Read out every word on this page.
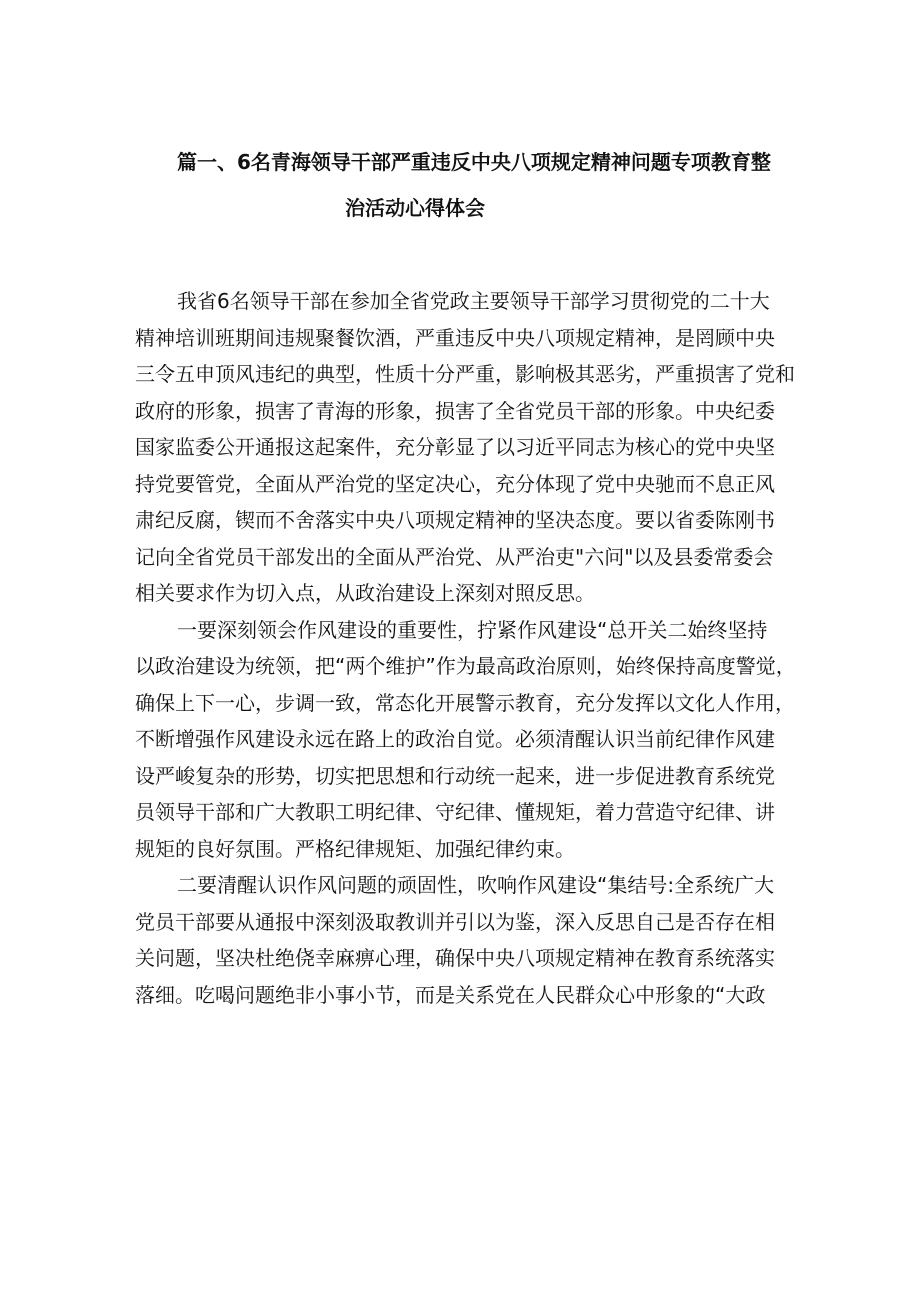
篇一、6名青海领导干部严重违反中央八项规定精神问题专项教育整
治活动心得体会
我省6名领导干部在参加全省党政主要领导干部学习贯彻党的二十大
精神培训班期间违规聚餐饮酒，严重违反中央八项规定精神，是罔顾中央
三令五申顶风违纪的典型，性质十分严重，影响极其恶劣，严重损害了党和
政府的形象，损害了青海的形象，损害了全省党员干部的形象。中央纪委
国家监委公开通报这起案件，充分彰显了以习近平同志为核心的党中央坚
持党要管党，全面从严治党的坚定决心，充分体现了党中央驰而不息正风
肃纪反腐，锲而不舍落实中央八项规定精神的坚决态度。要以省委陈刚书
记向全省党员干部发出的全面从严治党、从严治吏"六问"以及县委常委会
相关要求作为切入点，从政治建设上深刻对照反思。
一要深刻领会作风建设的重要性，拧紧作风建设“总开关二始终坚持
以政治建设为统领，把“两个维护”作为最高政治原则，始终保持高度警觉，
确保上下一心，步调一致，常态化开展警示教育，充分发挥以文化人作用，
不断增强作风建设永远在路上的政治自觉。必须清醒认识当前纪律作风建
设严峻复杂的形势，切实把思想和行动统一起来，进一步促进教育系统党
员领导干部和广大教职工明纪律、守纪律、懂规矩，着力营造守纪律、讲
规矩的良好氛围。严格纪律规矩、加强纪律约束。
二要清醒认识作风问题的顽固性，吹响作风建设“集结号:全系统广大
党员干部要从通报中深刻汲取教训并引以为鉴，深入反思自己是否存在相
关问题，坚决杜绝侥幸麻痹心理，确保中央八项规定精神在教育系统落实
落细。吃喝问题绝非小事小节，而是关系党在人民群众心中形象的“大政
